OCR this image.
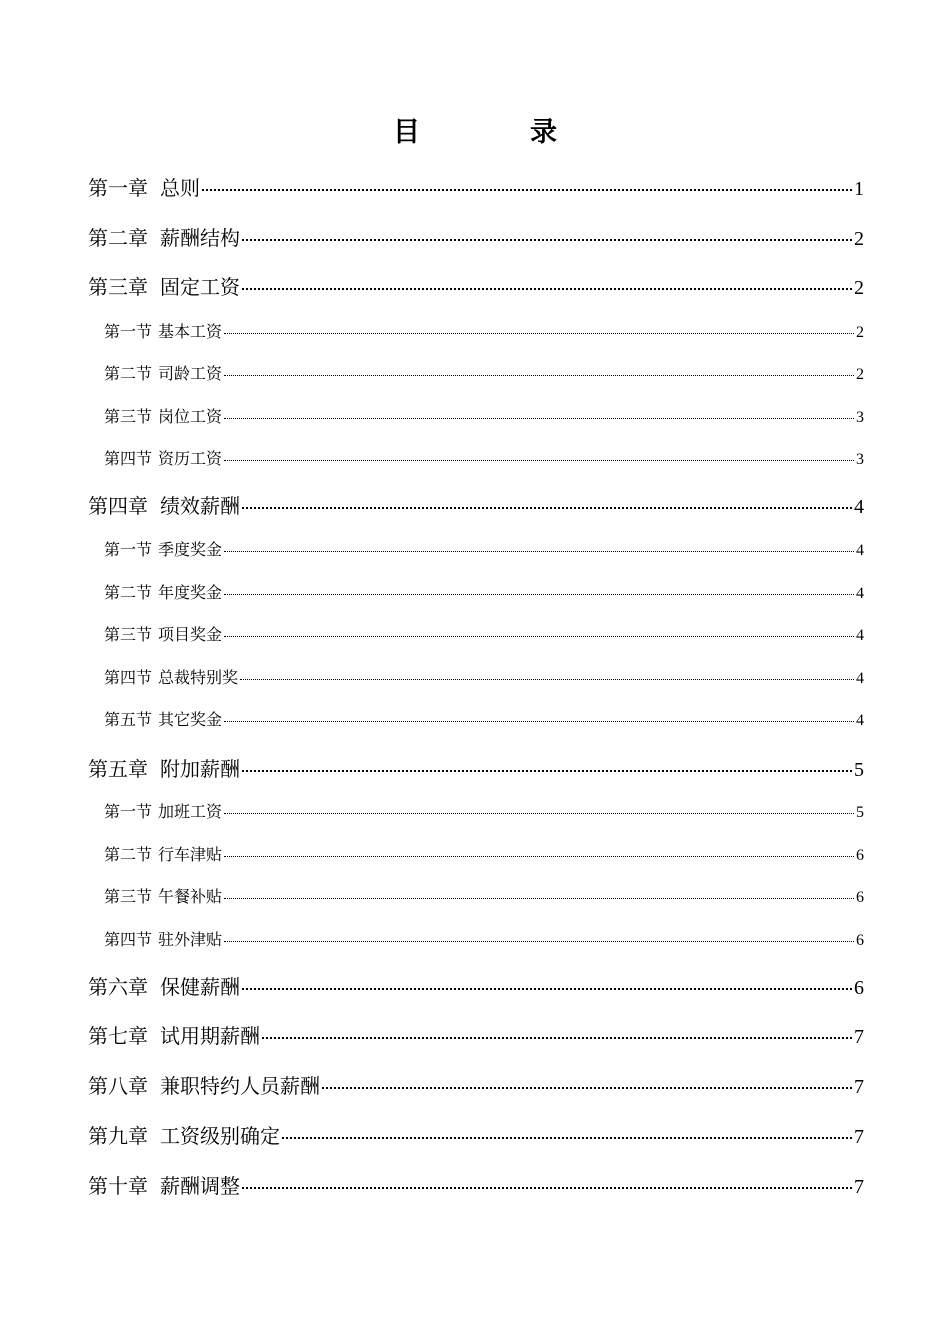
目	录
第一章 总则	1
第二章 薪酬结构	2
第三章 固定工资	2
第一节 基本工资	2
第二节 司龄工资	2
第三节 岗位工资	3
第四节 资历工资	3
第四章 绩效薪酬	4
第一节 季度奖金	4
第二节 年度奖金	4
第三节 项目奖金	4
第四节 总裁特别奖	4
第五节 其它奖金	4
第五章 附加薪酬	5
第一节 加班工资	5
第二节 行车津贴	6
第三节 午餐补贴	6
第四节 驻外津贴	6
第六章 保健薪酬	6
第七章 试用期薪酬	7
第八章 兼职特约人员薪酬	7
第九章 工资级别确定	7
第十章 薪酬调整	7
